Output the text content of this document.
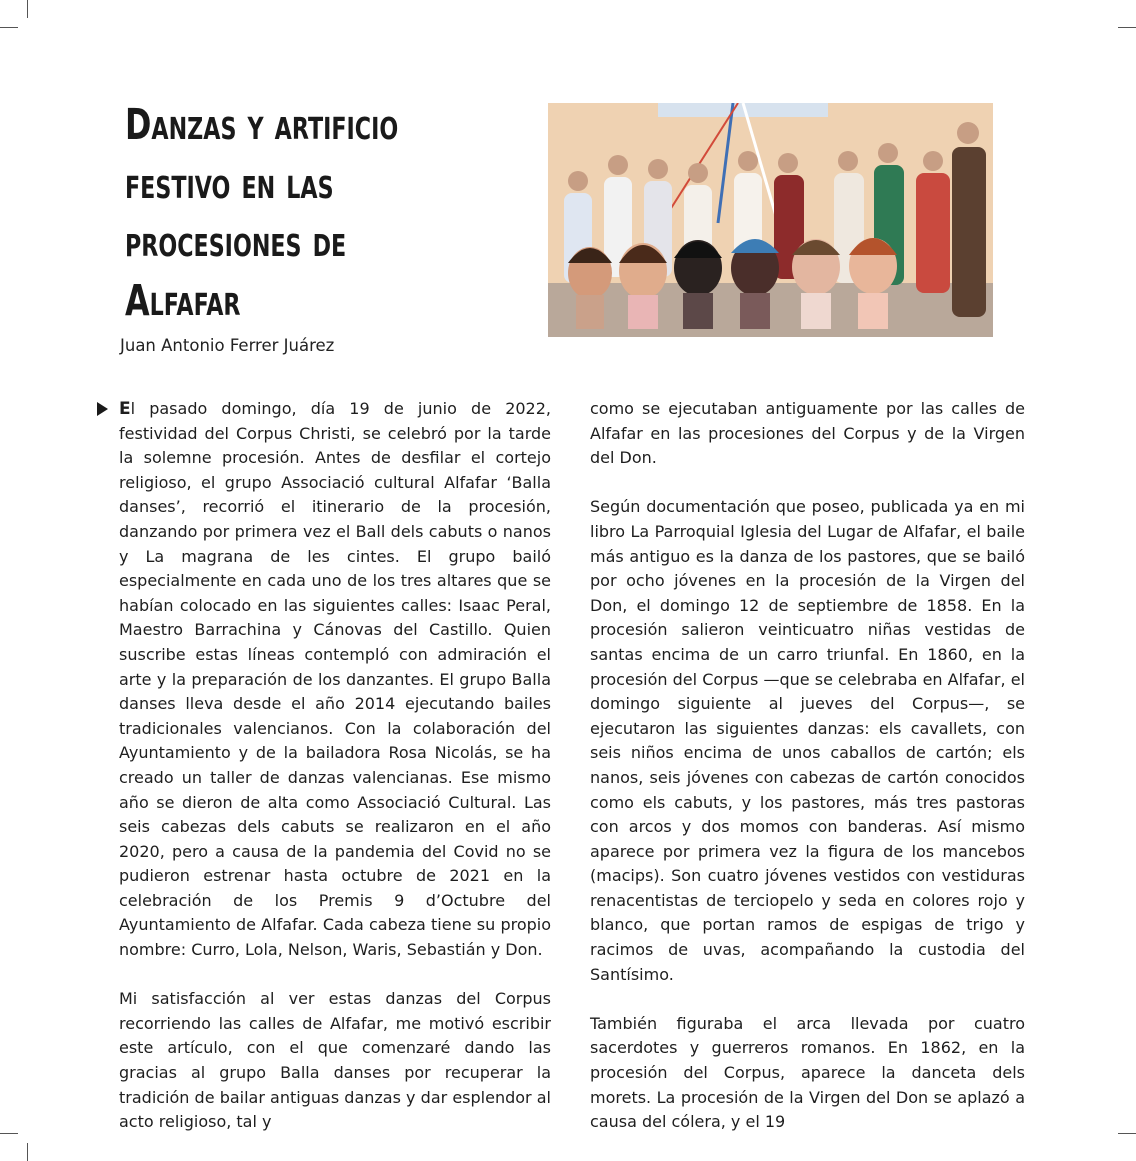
Danzas y artificio
festivo en las
procesiones de
Alfafar
Juan Antonio Ferrer Juárez

El pasado domingo, día 19 de junio de 2022, festividad del Corpus Christi, se celebró por la tarde la solemne procesión. Antes de desfilar el cortejo religioso, el grupo Associació cultural Alfafar ‘Balla danses’, recorrió el itinerario de la procesión, danzando por primera vez el Ball dels cabuts o nanos y La magrana de les cintes. El grupo bailó especialmente en cada uno de los tres altares que se habían colocado en las siguientes calles: Isaac Peral, Maestro Barrachina y Cánovas del Castillo. Quien suscribe estas líneas contempló con admiración el arte y la preparación de los danzantes. El grupo Balla danses lleva desde el año 2014 ejecutando bailes tradicionales valencianos. Con la colaboración del Ayuntamiento y de la bailadora Rosa Nicolás, se ha creado un taller de danzas valencianas. Ese mismo año se dieron de alta como Associació Cultural. Las seis cabezas dels cabuts se realizaron en el año 2020, pero a causa de la pandemia del Covid no se pudieron estrenar hasta octubre de 2021 en la celebración de los Premis 9 d’Octubre del Ayuntamiento de Alfafar. Cada cabeza tiene su propio nombre: Curro, Lola, Nelson, Waris, Sebastián y Don.

Mi satisfacción al ver estas danzas del Corpus recorriendo las calles de Alfafar, me motivó escribir este artículo, con el que comenzaré dando las gracias al grupo Balla danses por recuperar la tradición de bailar antiguas danzas y dar esplendor al acto religioso, tal y

como se ejecutaban antiguamente por las calles de Alfafar en las procesiones del Corpus y de la Virgen del Don.

Según documentación que poseo, publicada ya en mi libro La Parroquial Iglesia del Lugar de Alfafar, el baile más antiguo es la danza de los pastores, que se bailó por ocho jóvenes en la procesión de la Virgen del Don, el domingo 12 de septiembre de 1858. En la procesión salieron veinticuatro niñas vestidas de santas encima de un carro triunfal. En 1860, en la procesión del Corpus —que se celebraba en Alfafar, el domingo siguiente al jueves del Corpus—, se ejecutaron las siguientes danzas: els cavallets, con seis niños encima de unos caballos de cartón; els nanos, seis jóvenes con cabezas de cartón conocidos como els cabuts, y los pastores, más tres pastoras con arcos y dos momos con banderas. Así mismo aparece por primera vez la figura de los mancebos (macips). Son cuatro jóvenes vestidos con vestiduras renacentistas de terciopelo y seda en colores rojo y blanco, que portan ramos de espigas de trigo y racimos de uvas, acompañando la custodia del Santísimo.

También figuraba el arca llevada por cuatro sacerdotes y guerreros romanos. En 1862, en la procesión del Corpus, aparece la danceta dels morets. La procesión de la Virgen del Don se aplazó a causa del cólera, y el 19
